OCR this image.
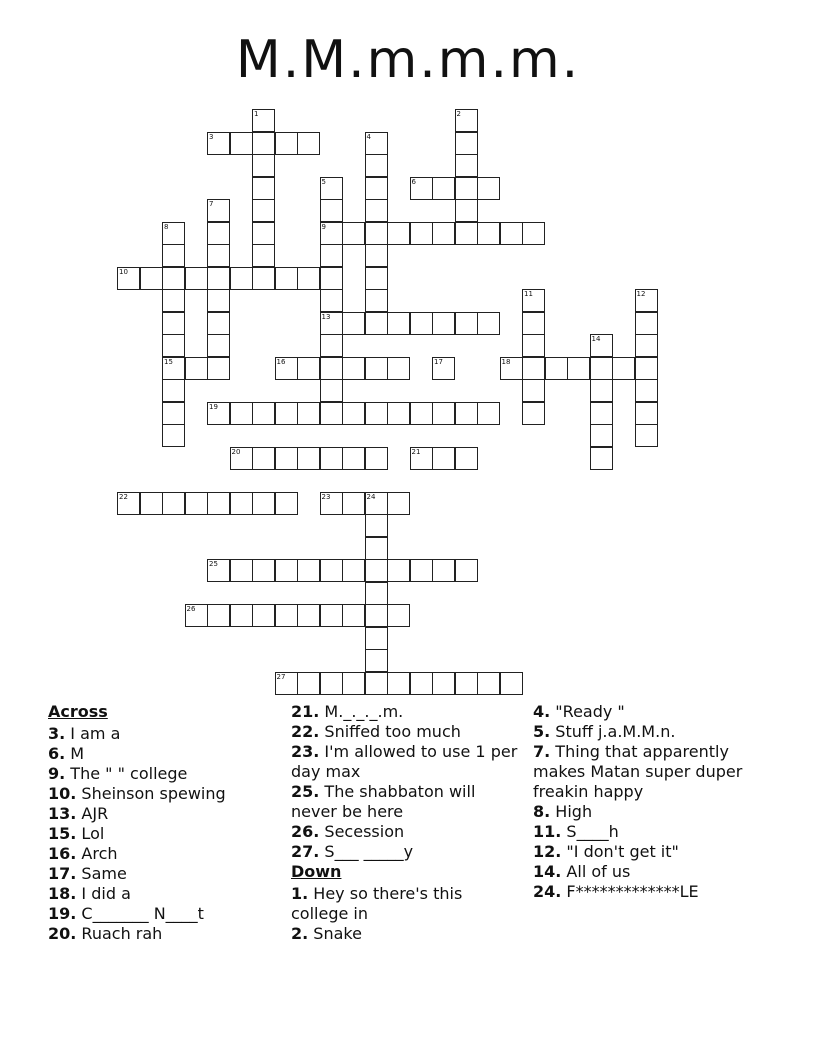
M.M.m.m.m.
3
6
9
10
13
15	16	17	18
19
20	21
22	23	24
25
26
27
1	2
4
5
7
8
11	12
14
Across
3. I am a
6. M
9. The " " college
10. Sheinson spewing
13. AJR
15. Lol
16. Arch
17. Same
18. I did a
19. C_______ N____t
20. Ruach rah
21. M._._._.m.
22. Sniffed too much
23. I'm allowed to use 1 per day max
25. The shabbaton will never be here
26. Secession
27. S___ _____y
Down
1. Hey so there's this college in
2. Snake
4. "Ready "
5. Stuff j.a.M.M.n.
7. Thing that apparently makes Matan super duper freakin happy
8. High
11. S____h
12. "I don't get it"
14. All of us
24. F*************LE
